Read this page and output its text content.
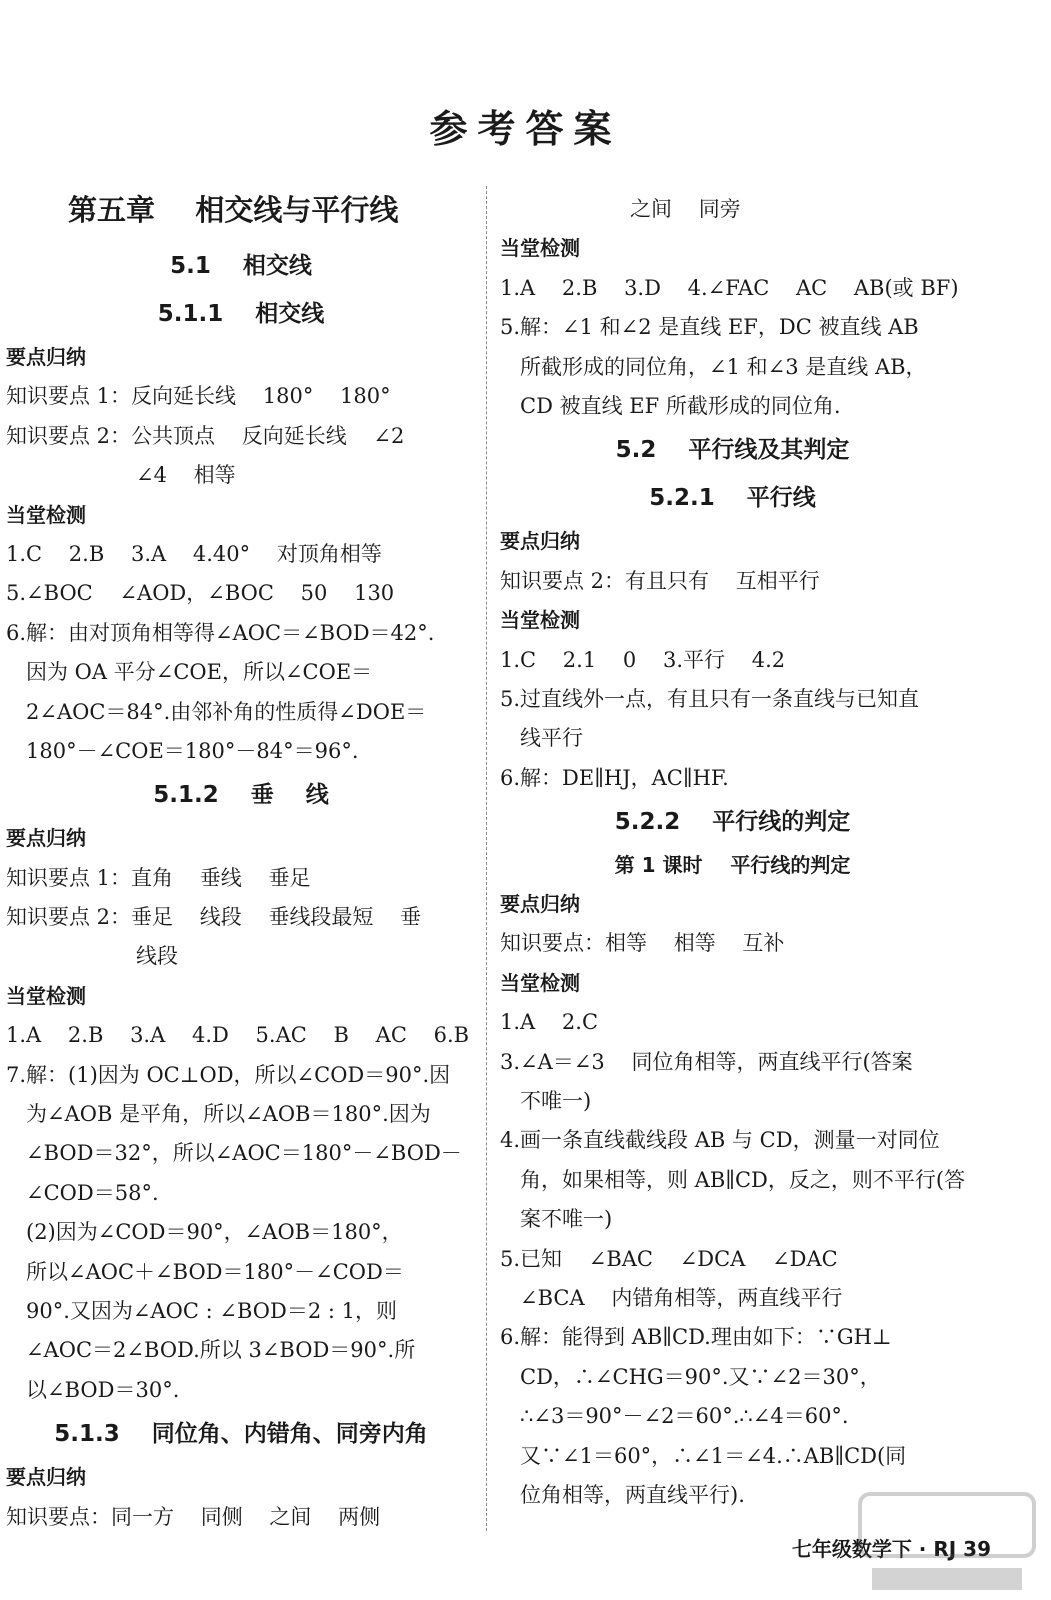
参考答案
第五章    相交线与平行线
5.1    相交线
5.1.1    相交线
要点归纳
知识要点 1：反向延长线    180°    180°
知识要点 2：公共顶点    反向延长线    ∠2
∠4    相等
当堂检测
1.C    2.B    3.A    4.40°    对顶角相等
5.∠BOC    ∠AOD，∠BOC    50    130
6.解：由对顶角相等得∠AOC＝∠BOD＝42°.
因为 OA 平分∠COE，所以∠COE＝
2∠AOC＝84°.由邻补角的性质得∠DOE＝
180°－∠COE＝180°－84°＝96°.
5.1.2    垂    线
要点归纳
知识要点 1：直角    垂线    垂足
知识要点 2：垂足    线段    垂线段最短    垂
线段
当堂检测
1.A    2.B    3.A    4.D    5.AC    B    AC    6.B
7.解：(1)因为 OC⊥OD，所以∠COD＝90°.因
为∠AOB 是平角，所以∠AOB＝180°.因为
∠BOD＝32°，所以∠AOC＝180°－∠BOD－
∠COD＝58°.
(2)因为∠COD＝90°，∠AOB＝180°，
所以∠AOC＋∠BOD＝180°－∠COD＝
90°.又因为∠AOC : ∠BOD＝2 : 1，则
∠AOC＝2∠BOD.所以 3∠BOD＝90°.所
以∠BOD＝30°.
5.1.3    同位角、内错角、同旁内角
要点归纳
知识要点：同一方    同侧    之间    两侧
之间    同旁
当堂检测
1.A    2.B    3.D    4.∠FAC    AC    AB(或 BF)
5.解：∠1 和∠2 是直线 EF，DC 被直线 AB
所截形成的同位角，∠1 和∠3 是直线 AB，
CD 被直线 EF 所截形成的同位角.
5.2    平行线及其判定
5.2.1    平行线
要点归纳
知识要点 2：有且只有    互相平行
当堂检测
1.C    2.1    0    3.平行    4.2
5.过直线外一点，有且只有一条直线与已知直
线平行
6.解：DE∥HJ，AC∥HF.
5.2.2    平行线的判定
第 1 课时    平行线的判定
要点归纳
知识要点：相等    相等    互补
当堂检测
1.A    2.C
3.∠A＝∠3    同位角相等，两直线平行(答案
不唯一)
4.画一条直线截线段 AB 与 CD，测量一对同位
角，如果相等，则 AB∥CD，反之，则不平行(答
案不唯一)
5.已知    ∠BAC    ∠DCA    ∠DAC
∠BCA    内错角相等，两直线平行
6.解：能得到 AB∥CD.理由如下：∵GH⊥
CD，∴∠CHG＝90°.又∵∠2＝30°，
∴∠3＝90°－∠2＝60°.∴∠4＝60°.
又∵∠1＝60°，∴∠1＝∠4.∴AB∥CD(同
位角相等，两直线平行).
七年级数学下 · RJ 39
